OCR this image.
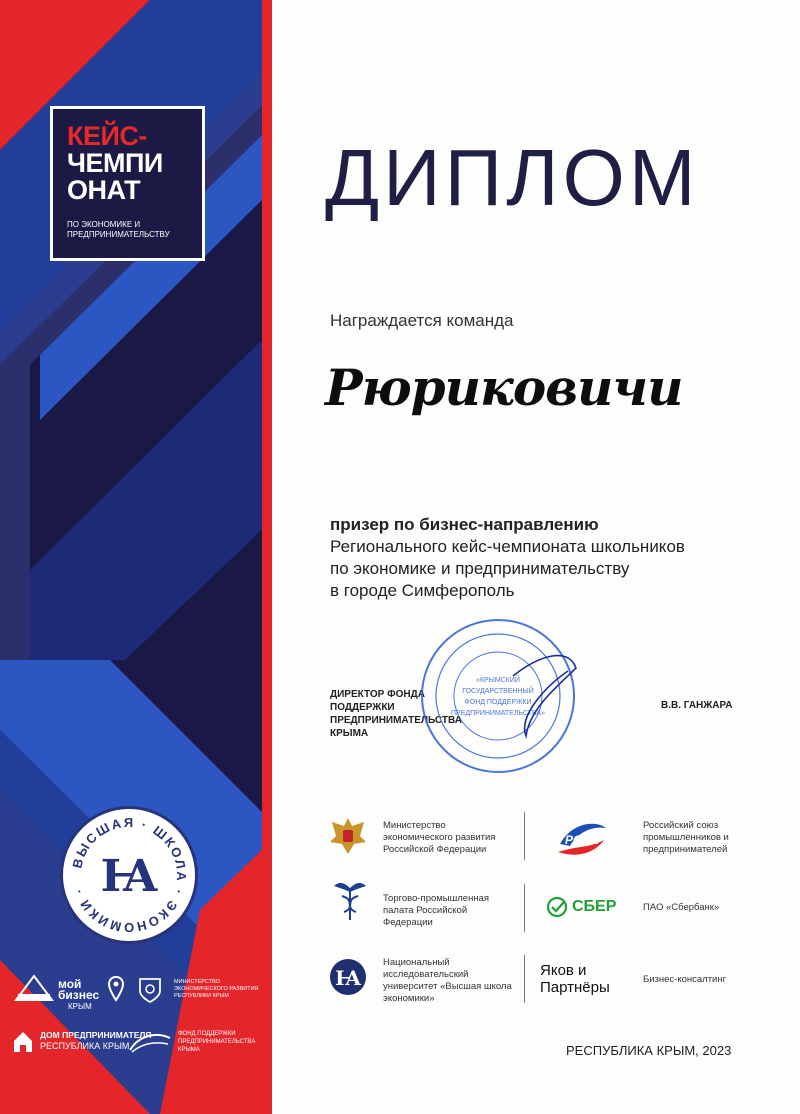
КЕЙС-
ЧЕМПИ ОНАТ
ПО ЭКОНОМИКЕ И ПРЕДПРИНИМАТЕЛЬСТВУ
ВЫСШАЯ · ШКОЛА · ЭКОНОМИКИ · Ꙗ
мой бизнес
КРЫМ
МИНИСТЕРСТВО ЭКОНОМИЧЕСКОГО РАЗВИТИЯ РЕСПУБЛИКИ КРЫМ
ДОМ ПРЕДПРИНИМАТЕЛЯ
РЕСПУБЛИКА КРЫМ
ФОНД ПОДДЕРЖКИ ПРЕДПРИНИМАТЕЛЬСТВА КРЫМА
ДИПЛОМ
Награждается команда
Рюриковичи
призер по бизнес-направлению
Регионального кейс-чемпионата школьников
по экономике и предпринимательству
в городе Симферополь
ДИРЕКТОР ФОНДА ПОДДЕРЖКИ ПРЕДПРИНИМАТЕЛЬСТВА КРЫМА
«КРЫМСКИЙ
ГОСУДАРСТВЕННЫЙ
ФОНД ПОДДЕРЖКИ
ПРЕДПРИНИМАТЕЛЬСТВА»
В.В. ГАНЖАРА
Министерство экономического развития Российской Федерации
РСПП
Российский союз промышленников и предпринимателей
Торгово-промышленная палата Российской Федерации
СБЕР	ПАО «Сбербанк»
Ꙗ
Национальный исследовательский университет «Высшая школа экономики»
Яков и Партнёры	Бизнес-консалтинг
РЕСПУБЛИКА КРЫМ, 2023
